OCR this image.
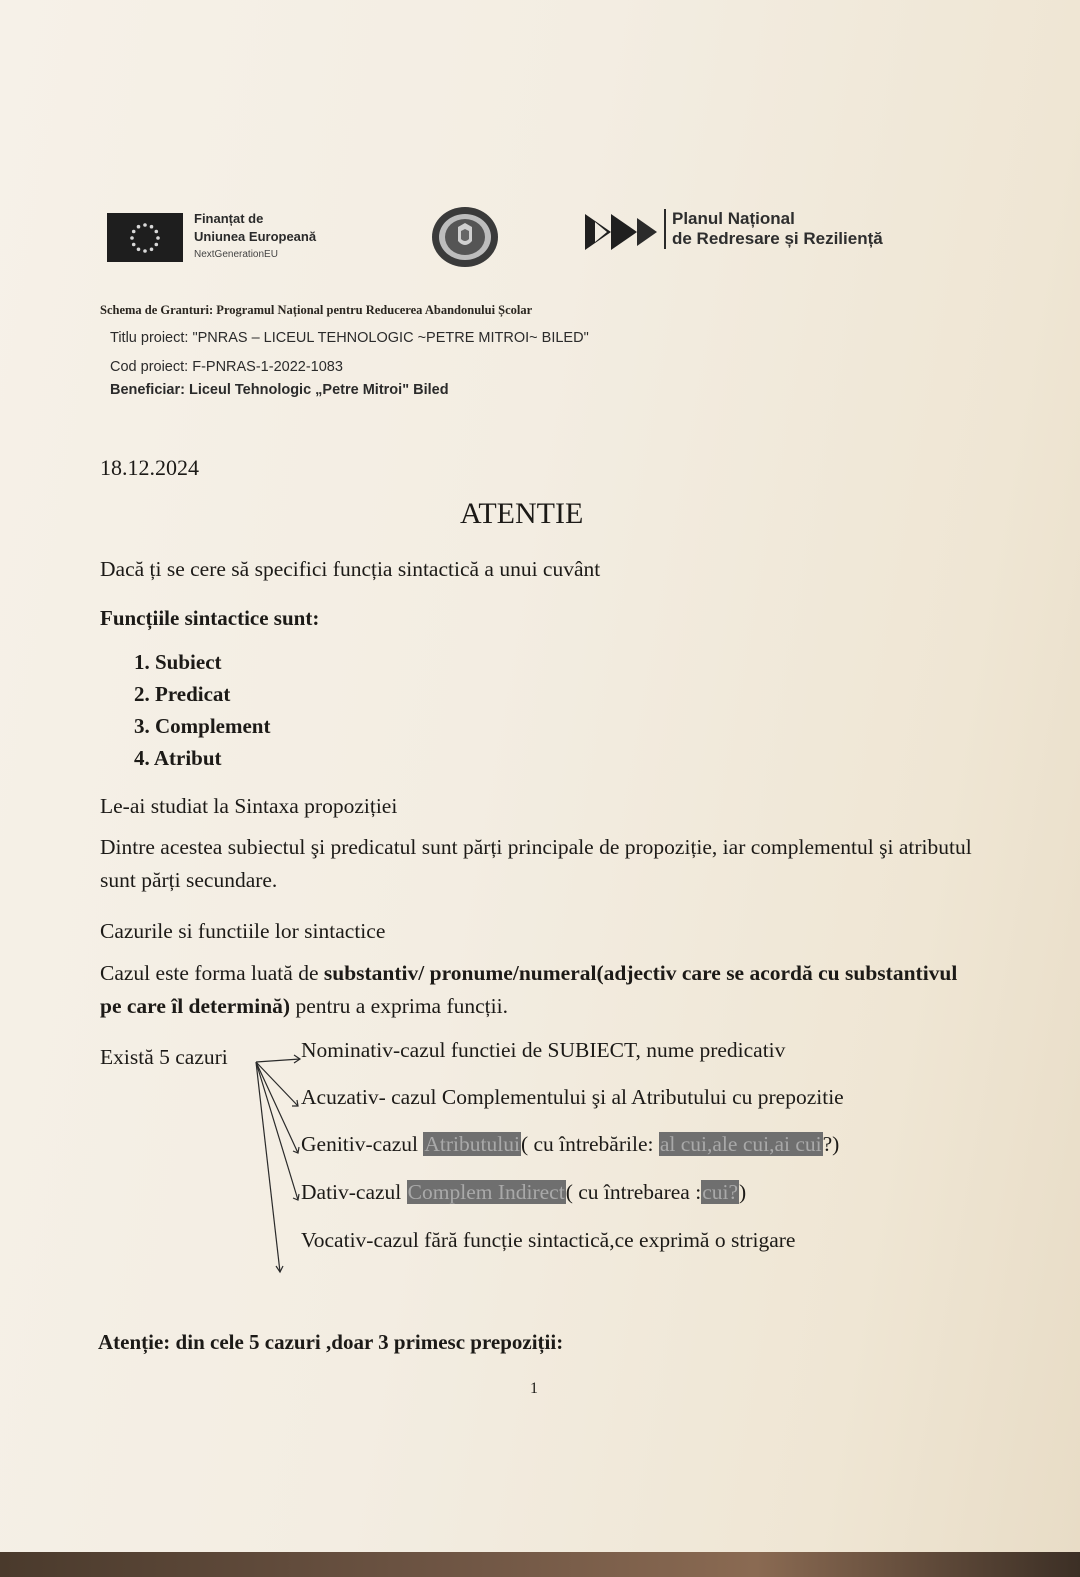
Finanțat de
Uniunea Europeană
NextGenerationEU
Planul Național
de Redresare și Reziliență
Schema de Granturi: Programul Național pentru Reducerea Abandonului Școlar
Titlu proiect: "PNRAS – LICEUL TEHNOLOGIC ~PETRE MITROI~ BILED"
Cod proiect: F-PNRAS-1-2022-1083
Beneficiar: Liceul Tehnologic „Petre Mitroi" Biled
18.12.2024
ATENTIE
Dacă ți se cere să specifici funcția sintactică a unui cuvânt
Funcțiile sintactice sunt:
1. Subiect
2. Predicat
3. Complement
4. Atribut
Le-ai studiat la Sintaxa propoziției
Dintre acestea subiectul şi predicatul sunt părți principale de propoziție, iar complementul şi atributul sunt părți secundare.
Cazurile si functiile lor sintactice
Cazul este forma luată de substantiv/ pronume/numeral(adjectiv care se acordă cu substantivul pe care îl determină) pentru a exprima funcții.
Există 5 cazuri	Nominativ-cazul functiei de SUBIECT, nume predicativ
Acuzativ- cazul Complementului şi al Atributului cu prepozitie
Genitiv-cazul Atributului( cu întrebările: al cui,ale cui,ai cui?)
Dativ-cazul Complem Indirect( cu întrebarea :cui?)
Vocativ-cazul fără funcție sintactică,ce exprimă o strigare
Atenție: din cele 5 cazuri ,doar 3 primesc prepoziții:
1
